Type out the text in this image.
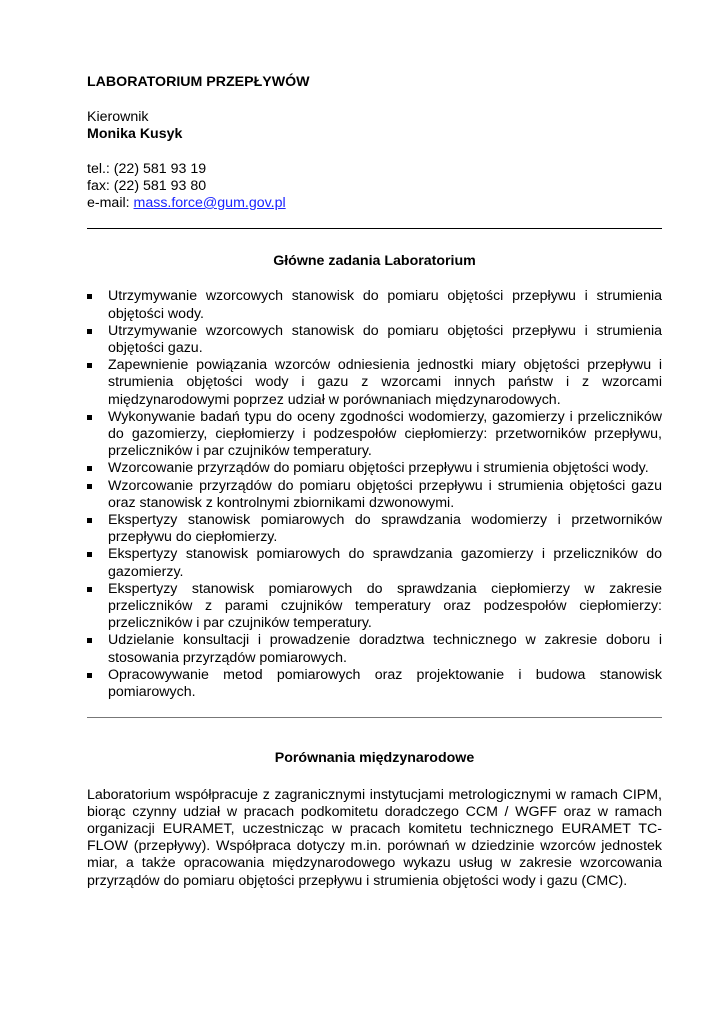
LABORATORIUM PRZEPŁYWÓW

Kierownik

Monika Kusyk

tel.: (22) 581 93 19

fax: (22) 581 93 80

e-mail: mass.force@gum.gov.pl

Główne zadania Laboratorium

Utrzymywanie wzorcowych stanowisk do pomiaru objętości przepływu i strumienia objętości wody.
Utrzymywanie wzorcowych stanowisk do pomiaru objętości przepływu i strumienia objętości gazu.
Zapewnienie powiązania wzorców odniesienia jednostki miary objętości przepływu i strumienia objętości wody i gazu z wzorcami innych państw i z wzorcami międzynarodowymi poprzez udział w porównaniach międzynarodowych.
Wykonywanie badań typu do oceny zgodności wodomierzy, gazomierzy i przeliczników do gazomierzy, ciepłomierzy i podzespołów ciepłomierzy: przetworników przepływu, przeliczników i par czujników temperatury.
Wzorcowanie przyrządów do pomiaru objętości przepływu i strumienia objętości wody.
Wzorcowanie przyrządów do pomiaru objętości przepływu i strumienia objętości gazu oraz stanowisk z kontrolnymi zbiornikami dzwonowymi.
Ekspertyzy stanowisk pomiarowych do sprawdzania wodomierzy i przetworników przepływu do ciepłomierzy.
Ekspertyzy stanowisk pomiarowych do sprawdzania gazomierzy i przeliczników do gazomierzy.
Ekspertyzy stanowisk pomiarowych do sprawdzania ciepłomierzy w zakresie przeliczników z parami czujników temperatury oraz podzespołów ciepłomierzy: przeliczników i par czujników temperatury.
Udzielanie konsultacji i prowadzenie doradztwa technicznego w zakresie doboru i stosowania przyrządów pomiarowych.
Opracowywanie metod pomiarowych oraz projektowanie i budowa stanowisk pomiarowych.

Porównania międzynarodowe

Laboratorium współpracuje z zagranicznymi instytucjami metrologicznymi w ramach CIPM, biorąc czynny udział w pracach podkomitetu doradczego CCM / WGFF oraz w ramach organizacji EURAMET, uczestnicząc w pracach komitetu technicznego EURAMET TC-FLOW (przepływy). Współpraca dotyczy m.in. porównań w dziedzinie wzorców jednostek miar, a także opracowania międzynarodowego wykazu usług w zakresie wzorcowania przyrządów do pomiaru objętości przepływu i strumienia objętości wody i gazu (CMC).
